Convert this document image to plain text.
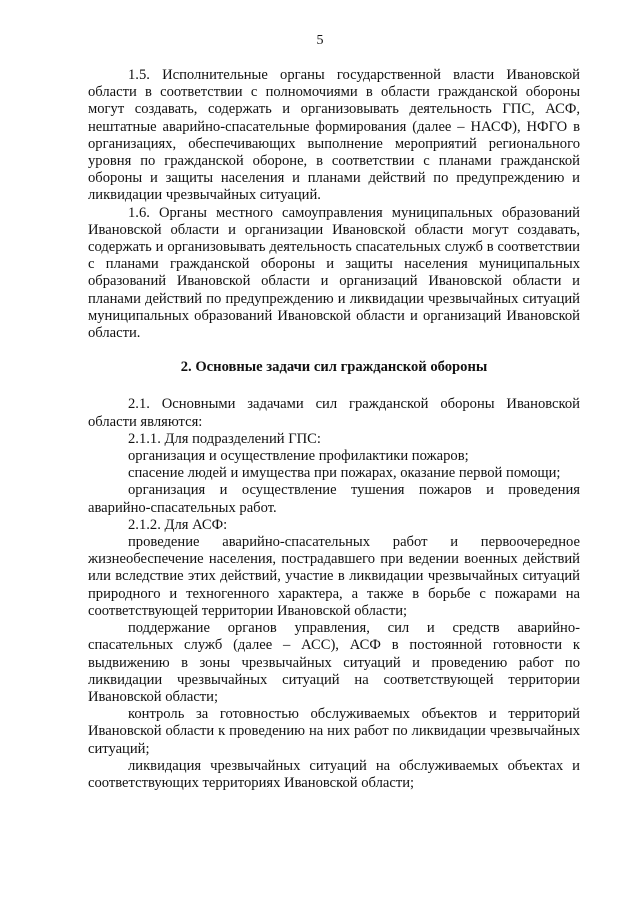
5

1.5. Исполнительные органы государственной власти Ивановской области в соответствии с полномочиями в области гражданской обороны могут создавать, содержать и организовывать деятельность ГПС, АСФ, нештатные аварийно-спасательные формирования (далее – НАСФ), НФГО в организациях, обеспечивающих выполнение мероприятий регионального уровня по гражданской обороне, в соответствии с планами гражданской обороны и защиты населения и планами действий по предупреждению и ликвидации чрезвычайных ситуаций.

1.6. Органы местного самоуправления муниципальных образований Ивановской области и организации Ивановской области могут создавать, содержать и организовывать деятельность спасательных служб в соответствии с планами гражданской обороны и защиты населения муниципальных образований Ивановской области и организаций Ивановской области и планами действий по предупреждению и ликвидации чрезвычайных ситуаций муниципальных образований Ивановской области и организаций Ивановской области.

2. Основные задачи сил гражданской обороны

2.1. Основными задачами сил гражданской обороны Ивановской области являются:

2.1.1. Для подразделений ГПС:

организация и осуществление профилактики пожаров;

спасение людей и имущества при пожарах, оказание первой помощи;

организация и осуществление тушения пожаров и проведения аварийно-спасательных работ.

2.1.2. Для АСФ:

проведение аварийно-спасательных работ и первоочередное жизнеобеспечение населения, пострадавшего при ведении военных действий или вследствие этих действий, участие в ликвидации чрезвычайных ситуаций природного и техногенного характера, а также в борьбе с пожарами на соответствующей территории Ивановской области;

поддержание органов управления, сил и средств аварийно-спасательных служб (далее – АСС), АСФ в постоянной готовности к выдвижению в зоны чрезвычайных ситуаций и проведению работ по ликвидации чрезвычайных ситуаций на соответствующей территории Ивановской области;

контроль за готовностью обслуживаемых объектов и территорий Ивановской области к проведению на них работ по ликвидации чрезвычайных ситуаций;

ликвидация чрезвычайных ситуаций на обслуживаемых объектах и соответствующих территориях Ивановской области;
